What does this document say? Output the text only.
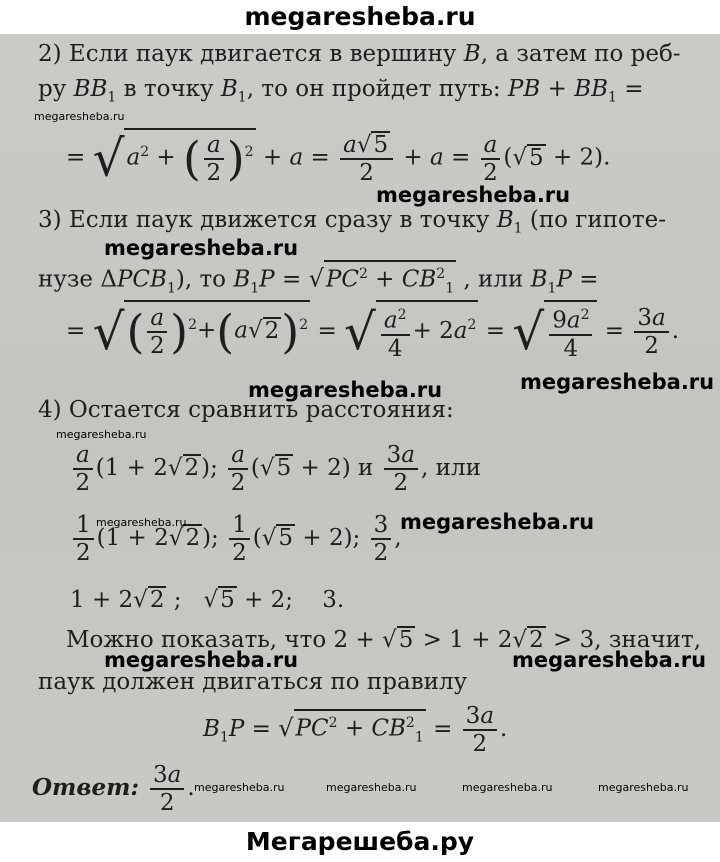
megaresheba.ru
2) Если паук двигается в вершину B, а затем по реб-
ру $BB_1$ в точку $B_1$, то он пройдет путь: PB + $BB_1$ =
= $√a^2$ + ( $\frac{a}{2} )^2 + a = \frac{a√5}{2} + a = \frac{a}{2} (√5 + 2)$.
3) Если паук движется сразу в точку $B_1$ (по гипоте-
нузе $\Delta PCB_1$), то $B_1P = √PC^2 + CB^2_1$ , или $B_1P$ =
= √( $\frac{a}{2} )^2+(a√2)^2$ = √ $\frac{a^2}{4} + 2a^2$ = √ $\frac{9a^2}{4} = \frac{3a}{2}$ .
4) Остается сравнить расстояния:
$\frac{a}{2} (1 + 2√2)$; $\frac{a}{2} (√5 + 2)$ и $\frac{3a}{2}$ , или
$\frac{1}{2} (1 + 2√2)$; $\frac{1}{2} (√5 + 2)$; $\frac{3}{2}$ ,
1 + 2√2 ;   √5 + 2;    3.
Можно показать, что 2 + √5 > 1 + 2√2 > 3, значит,
паук должен двигаться по правилу
$B_1P = √PC^2 + CB^2_1 = \frac{3a}{2}$ .
Ответ: $\frac{3a}{2}$ .
megaresheba.ru
megaresheba.ru
megaresheba.ru
megaresheba.ru	megaresheba.ru
megaresheba.ru
megaresheba.ru	megaresheba.ru
megaresheba.ru	megaresheba.ru
megaresheba.ru	megaresheba.ru	megaresheba.ru	megaresheba.ru
Мегарешеба.ру
